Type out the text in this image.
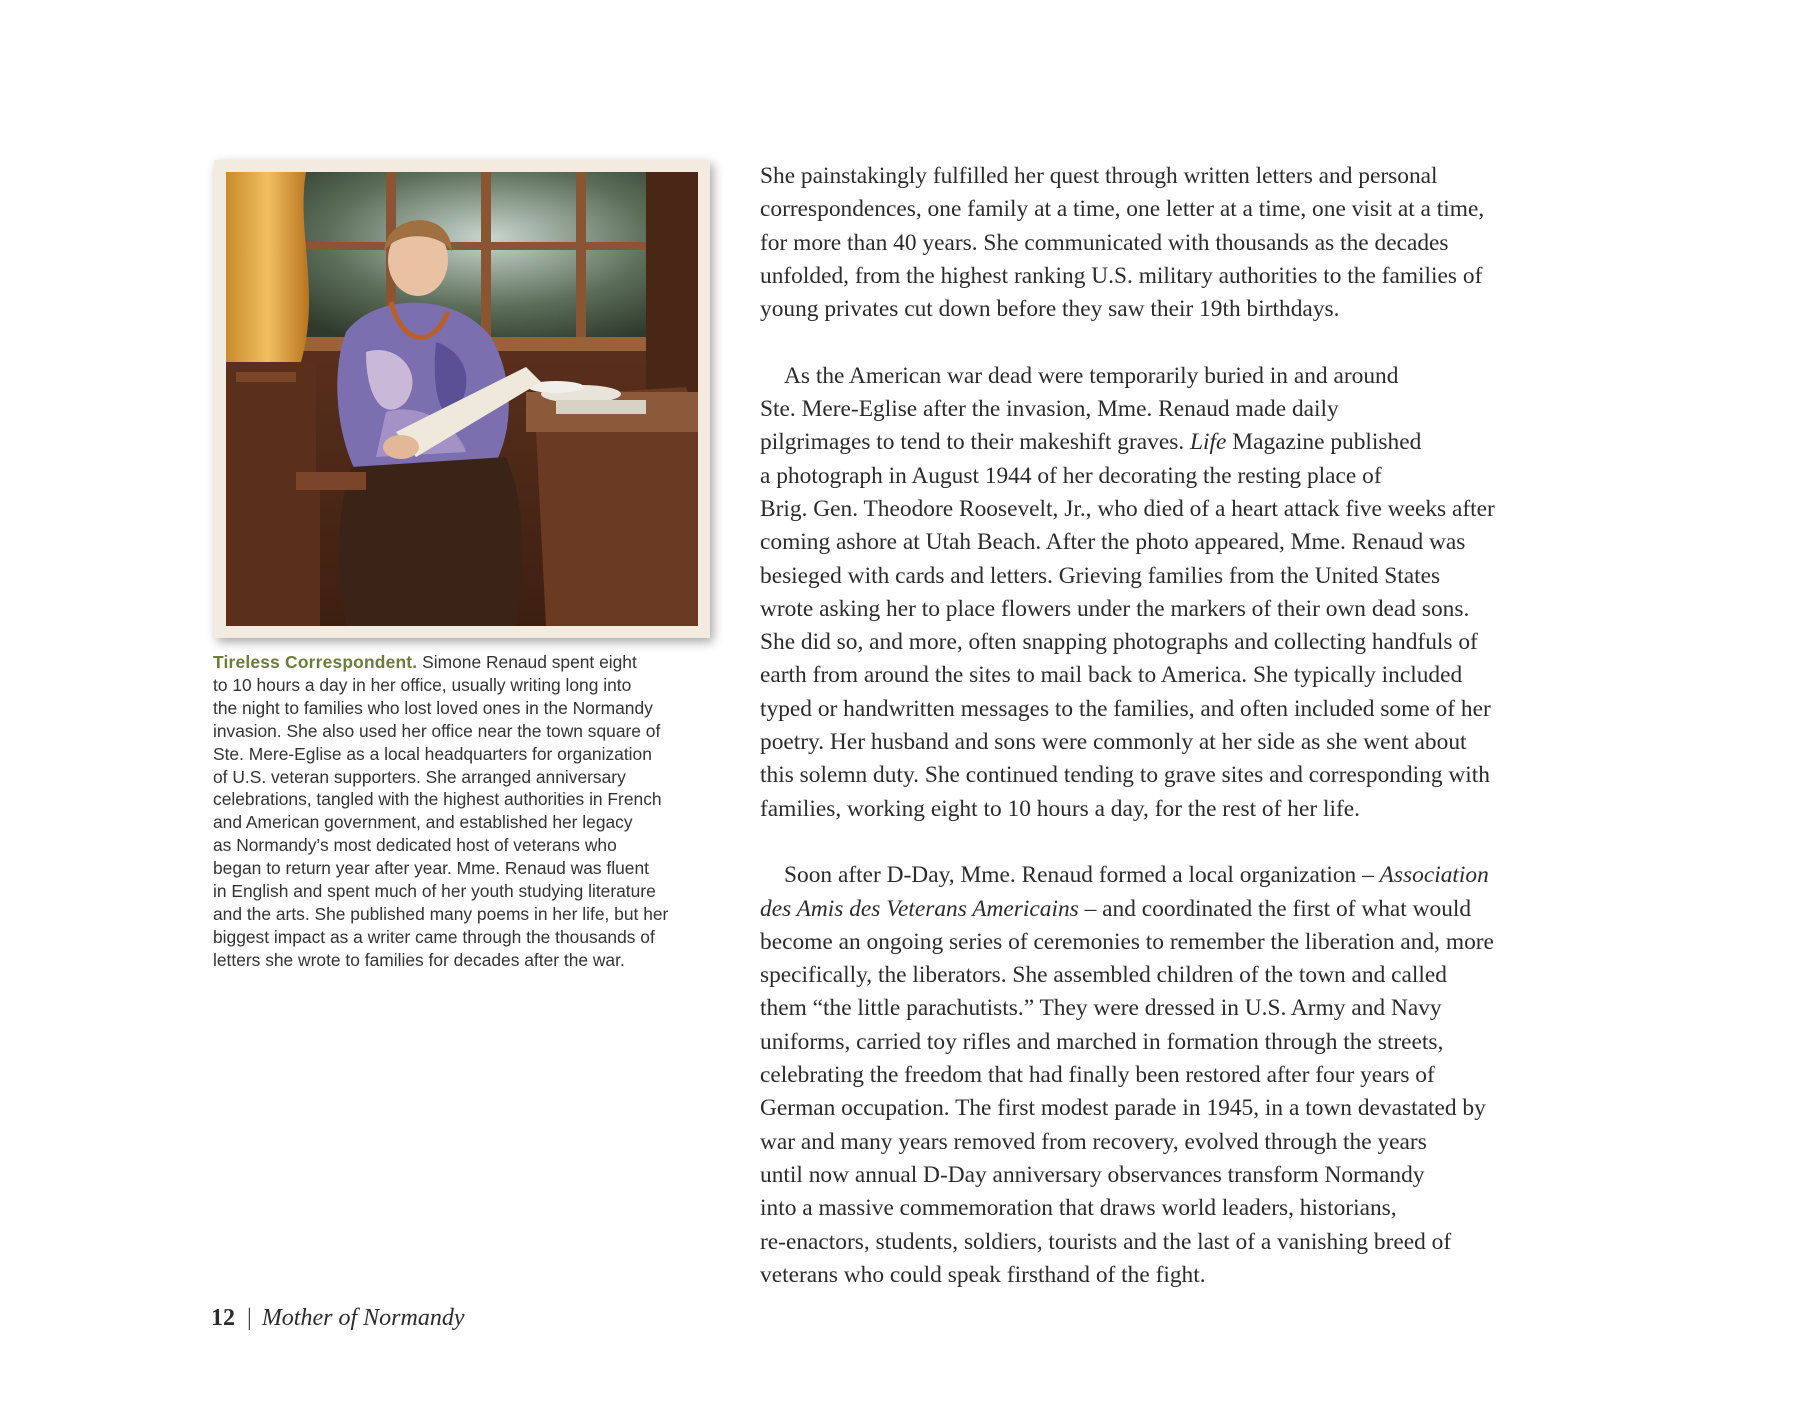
Tireless Correspondent. Simone Renaud spent eight
to 10 hours a day in her office, usually writing long into
the night to families who lost loved ones in the Normandy
invasion. She also used her office near the town square of
Ste. Mere-Eglise as a local headquarters for organization
of U.S. veteran supporters. She arranged anniversary
celebrations, tangled with the highest authorities in French
and American government, and established her legacy
as Normandy’s most dedicated host of veterans who
began to return year after year. Mme. Renaud was fluent
in English and spent much of her youth studying literature
and the arts. She published many poems in her life, but her
biggest impact as a writer came through the thousands of
letters she wrote to families for decades after the war.

She painstakingly fulfilled her quest through written letters and personal
correspondences, one family at a time, one letter at a time, one visit at a time,
for more than 40 years. She communicated with thousands as the decades
unfolded, from the highest ranking U.S. military authorities to the families of
young privates cut down before they saw their 19th birthdays.

As the American war dead were temporarily buried in and around
Ste. Mere-Eglise after the invasion, Mme. Renaud made daily
pilgrimages to tend to their makeshift graves. Life Magazine published
a photograph in August 1944 of her decorating the resting place of
Brig. Gen. Theodore Roosevelt, Jr., who died of a heart attack five weeks after
coming ashore at Utah Beach. After the photo appeared, Mme. Renaud was
besieged with cards and letters. Grieving families from the United States
wrote asking her to place flowers under the markers of their own dead sons.
She did so, and more, often snapping photographs and collecting handfuls of
earth from around the sites to mail back to America. She typically included
typed or handwritten messages to the families, and often included some of her
poetry. Her husband and sons were commonly at her side as she went about
this solemn duty. She continued tending to grave sites and corresponding with
families, working eight to 10 hours a day, for the rest of her life.

Soon after D-Day, Mme. Renaud formed a local organization – Association
des Amis des Veterans Americains – and coordinated the first of what would
become an ongoing series of ceremonies to remember the liberation and, more
specifically, the liberators. She assembled children of the town and called
them “the little parachutists.” They were dressed in U.S. Army and Navy
uniforms, carried toy rifles and marched in formation through the streets,
celebrating the freedom that had finally been restored after four years of
German occupation. The first modest parade in 1945, in a town devastated by
war and many years removed from recovery, evolved through the years
until now annual D-Day anniversary observances transform Normandy
into a massive commemoration that draws world leaders, historians,
re-enactors, students, soldiers, tourists and the last of a vanishing breed of
veterans who could speak firsthand of the fight.

12 | Mother of Normandy
